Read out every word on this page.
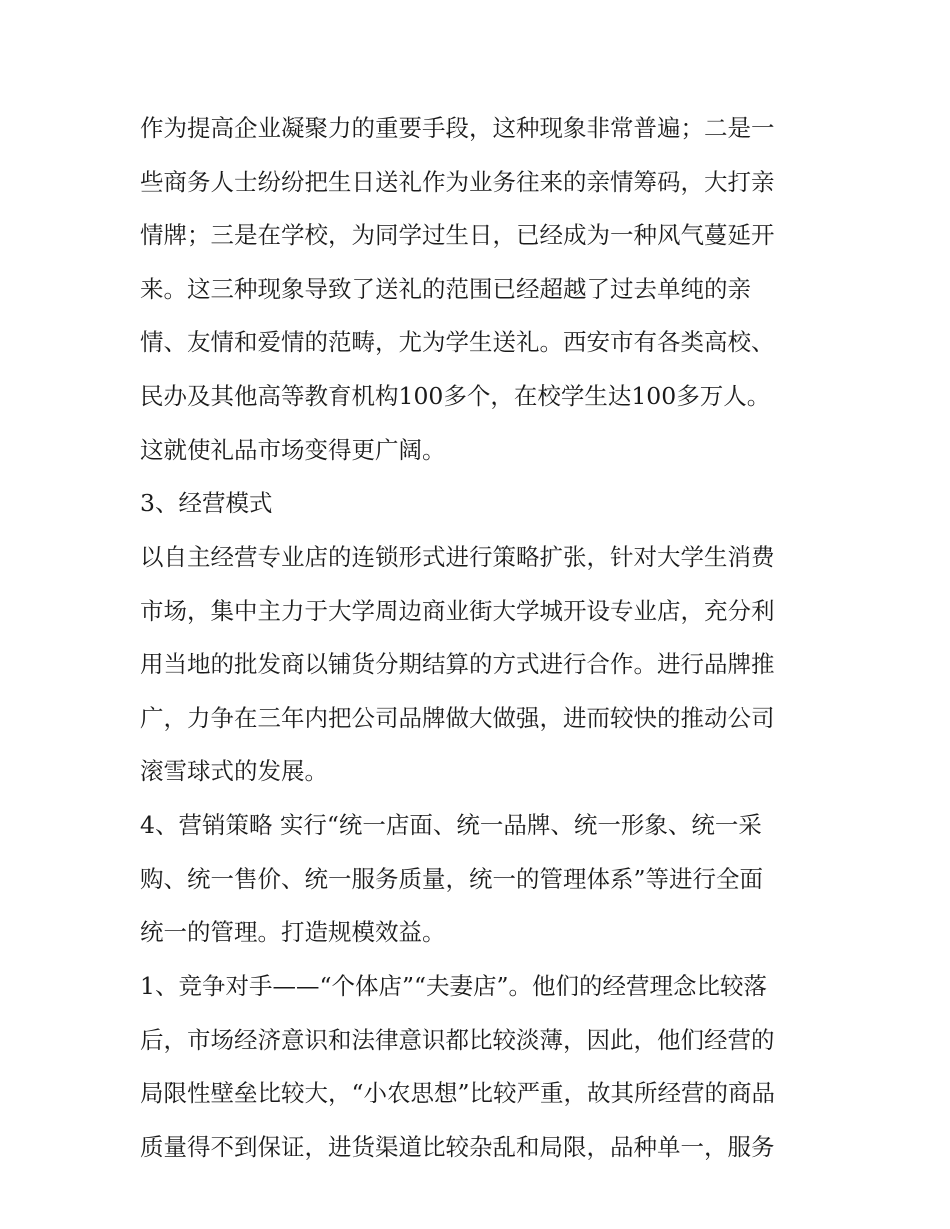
作为提高企业凝聚力的重要手段，这种现象非常普遍；二是一
些商务人士纷纷把生日送礼作为业务往来的亲情筹码，大打亲
情牌；三是在学校，为同学过生日，已经成为一种风气蔓延开
来。这三种现象导致了送礼的范围已经超越了过去单纯的亲
情、友情和爱情的范畴，尤为学生送礼。西安市有各类高校、
民办及其他高等教育机构100多个，在校学生达100多万人。
这就使礼品市场变得更广阔。
3、经营模式
以自主经营专业店的连锁形式进行策略扩张，针对大学生消费
市场，集中主力于大学周边商业街大学城开设专业店，充分利
用当地的批发商以铺货分期结算的方式进行合作。进行品牌推
广，力争在三年内把公司品牌做大做强，进而较快的推动公司
滚雪球式的发展。
4、营销策略 实行“统一店面、统一品牌、统一形象、统一采
购、统一售价、统一服务质量，统一的管理体系”等进行全面
统一的管理。打造规模效益。
1、竞争对手——“个体店”“夫妻店”。他们的经营理念比较落
后，市场经济意识和法律意识都比较淡薄，因此，他们经营的
局限性壁垒比较大，“小农思想”比较严重，故其所经营的商品
质量得不到保证，进货渠道比较杂乱和局限，品种单一，服务
